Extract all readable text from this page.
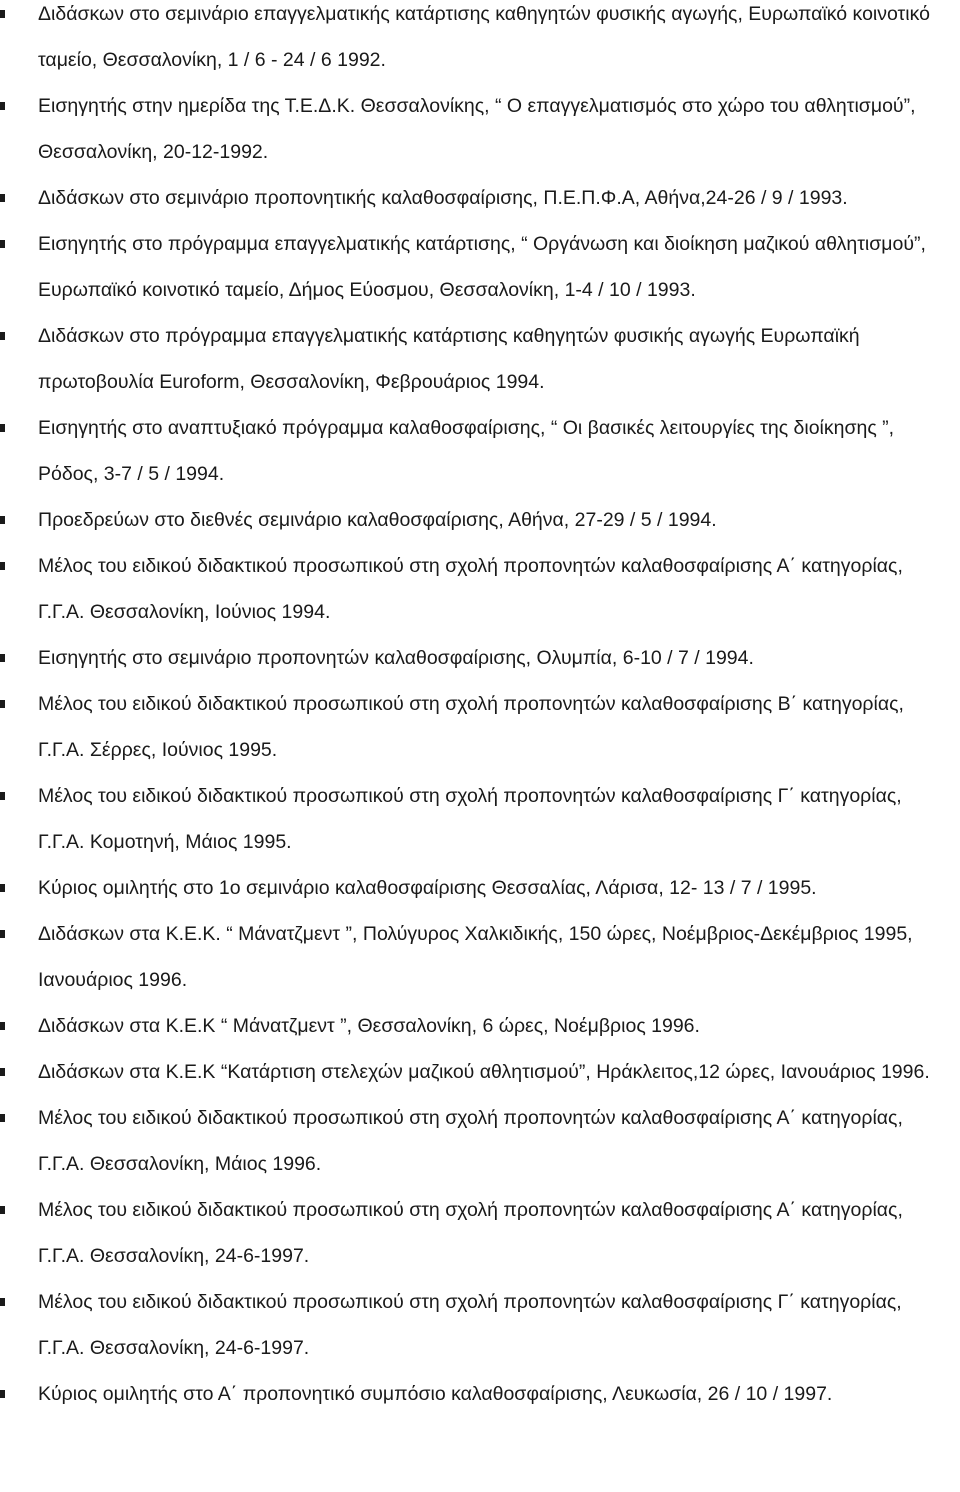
Διδάσκων στο σεμινάριο επαγγελματικής κατάρτισης καθηγητών φυσικής αγωγής, Ευρωπαϊκό κοινοτικό ταμείο, Θεσσαλονίκη, 1 / 6 - 24 / 6 1992.
Εισηγητής στην ημερίδα της Τ.Ε.Δ.Κ. Θεσσαλονίκης, “ Ο επαγγελματισμός στο χώρο του αθλητισμού”, Θεσσαλονίκη, 20-12-1992.
Διδάσκων στο σεμινάριο προπονητικής καλαθοσφαίρισης, Π.Ε.Π.Φ.Α, Αθήνα,24-26 / 9 / 1993.
Εισηγητής στο πρόγραμμα επαγγελματικής κατάρτισης, “ Οργάνωση και διοίκηση μαζικού αθλητισμού”, Ευρωπαϊκό κοινοτικό ταμείο, Δήμος Εύοσμου, Θεσσαλονίκη, 1-4 / 10 / 1993.
Διδάσκων στο πρόγραμμα επαγγελματικής κατάρτισης καθηγητών φυσικής αγωγής Ευρωπαϊκή πρωτοβουλία Euroform, Θεσσαλονίκη, Φεβρουάριος 1994.
Εισηγητής στο αναπτυξιακό πρόγραμμα καλαθοσφαίρισης, “ Οι βασικές λειτουργίες της διοίκησης ”, Ρόδος, 3-7 / 5 / 1994.
Προεδρεύων στο διεθνές σεμινάριο καλαθοσφαίρισης, Αθήνα, 27-29 / 5 / 1994.
Μέλος του ειδικού διδακτικού προσωπικού στη σχολή προπονητών καλαθοσφαίρισης Α΄ κατηγορίας, Γ.Γ.Α. Θεσσαλονίκη, Ιούνιος 1994.
Εισηγητής στο σεμινάριο προπονητών καλαθοσφαίρισης, Ολυμπία, 6-10 / 7 / 1994.
Μέλος του ειδικού διδακτικού προσωπικού στη σχολή προπονητών καλαθοσφαίρισης Β΄ κατηγορίας, Γ.Γ.Α. Σέρρες, Ιούνιος 1995.
Μέλος του ειδικού διδακτικού προσωπικού στη σχολή προπονητών καλαθοσφαίρισης Γ΄ κατηγορίας, Γ.Γ.Α. Κομοτηνή, Μάιος 1995.
Κύριος ομιλητής στο 1ο σεμινάριο καλαθοσφαίρισης Θεσσαλίας, Λάρισα, 12- 13 / 7 / 1995.
Διδάσκων στα Κ.Ε.Κ. “ Μάνατζμεντ ”, Πολύγυρος Χαλκιδικής, 150 ώρες, Νοέμβριος-Δεκέμβριος 1995, Ιανουάριος 1996.
Διδάσκων στα Κ.Ε.Κ “ Μάνατζμεντ ”, Θεσσαλονίκη, 6 ώρες, Νοέμβριος 1996.
Διδάσκων στα Κ.Ε.Κ “Κατάρτιση στελεχών μαζικού αθλητισμού”, Ηράκλειτος,12 ώρες, Ιανουάριος 1996.
Μέλος του ειδικού διδακτικού προσωπικού στη σχολή προπονητών καλαθοσφαίρισης Α΄ κατηγορίας, Γ.Γ.Α. Θεσσαλονίκη, Μάιος 1996.
Μέλος του ειδικού διδακτικού προσωπικού στη σχολή προπονητών καλαθοσφαίρισης Α΄ κατηγορίας, Γ.Γ.Α. Θεσσαλονίκη, 24-6-1997.
Μέλος του ειδικού διδακτικού προσωπικού στη σχολή προπονητών καλαθοσφαίρισης Γ΄ κατηγορίας, Γ.Γ.Α. Θεσσαλονίκη, 24-6-1997.
Κύριος ομιλητής στο Α΄ προπονητικό συμπόσιο καλαθοσφαίρισης, Λευκωσία, 26 / 10 / 1997.
